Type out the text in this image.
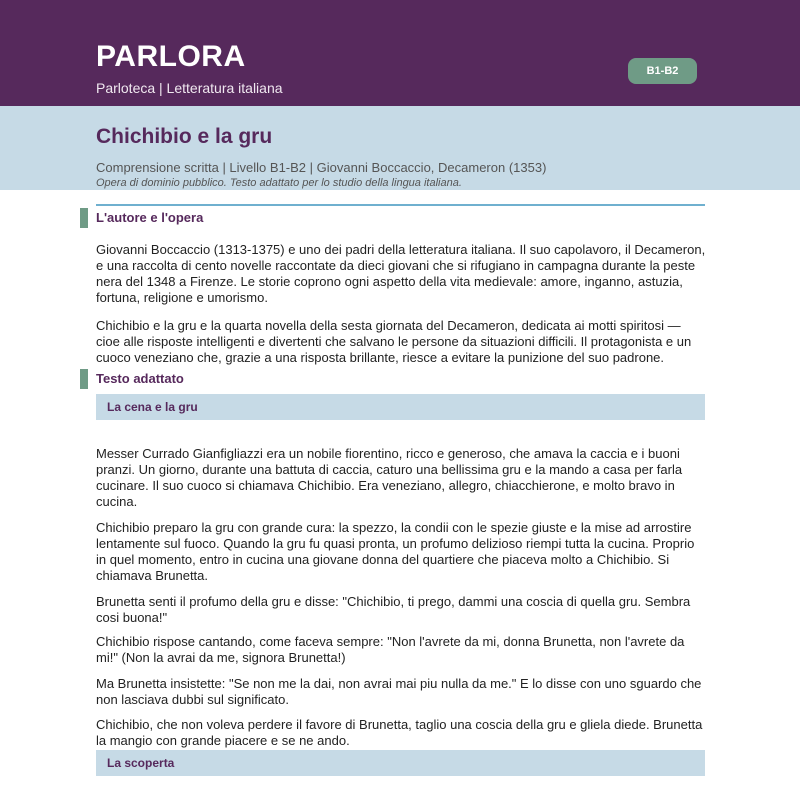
PARLORA
Parloteca | Letteratura italiana
B1-B2
Chichibio e la gru
Comprensione scritta | Livello B1-B2 | Giovanni Boccaccio, Decameron (1353)
Opera di dominio pubblico. Testo adattato per lo studio della lingua italiana.
L'autore e l'opera
Giovanni Boccaccio (1313-1375) e uno dei padri della letteratura italiana. Il suo capolavoro, il Decameron, e una raccolta di cento novelle raccontate da dieci giovani che si rifugiano in campagna durante la peste nera del 1348 a Firenze. Le storie coprono ogni aspetto della vita medievale: amore, inganno, astuzia, fortuna, religione e umorismo.
Chichibio e la gru e la quarta novella della sesta giornata del Decameron, dedicata ai motti spiritosi — cioe alle risposte intelligenti e divertenti che salvano le persone da situazioni difficili. Il protagonista e un cuoco veneziano che, grazie a una risposta brillante, riesce a evitare la punizione del suo padrone.
Testo adattato
La cena e la gru
Messer Currado Gianfigliazzi era un nobile fiorentino, ricco e generoso, che amava la caccia e i buoni pranzi. Un giorno, durante una battuta di caccia, caturo una bellissima gru e la mando a casa per farla cucinare. Il suo cuoco si chiamava Chichibio. Era veneziano, allegro, chiacchierone, e molto bravo in cucina.
Chichibio preparo la gru con grande cura: la spezzo, la condii con le spezie giuste e la mise ad arrostire lentamente sul fuoco. Quando la gru fu quasi pronta, un profumo delizioso riempi tutta la cucina. Proprio in quel momento, entro in cucina una giovane donna del quartiere che piaceva molto a Chichibio. Si chiamava Brunetta.
Brunetta senti il profumo della gru e disse: "Chichibio, ti prego, dammi una coscia di quella gru. Sembra cosi buona!"
Chichibio rispose cantando, come faceva sempre: "Non l'avrete da mi, donna Brunetta, non l'avrete da mi!" (Non la avrai da me, signora Brunetta!)
Ma Brunetta insistette: "Se non me la dai, non avrai mai piu nulla da me." E lo disse con uno sguardo che non lasciava dubbi sul significato.
Chichibio, che non voleva perdere il favore di Brunetta, taglio una coscia della gru e gliela diede. Brunetta la mangio con grande piacere e se ne ando.
La scoperta
